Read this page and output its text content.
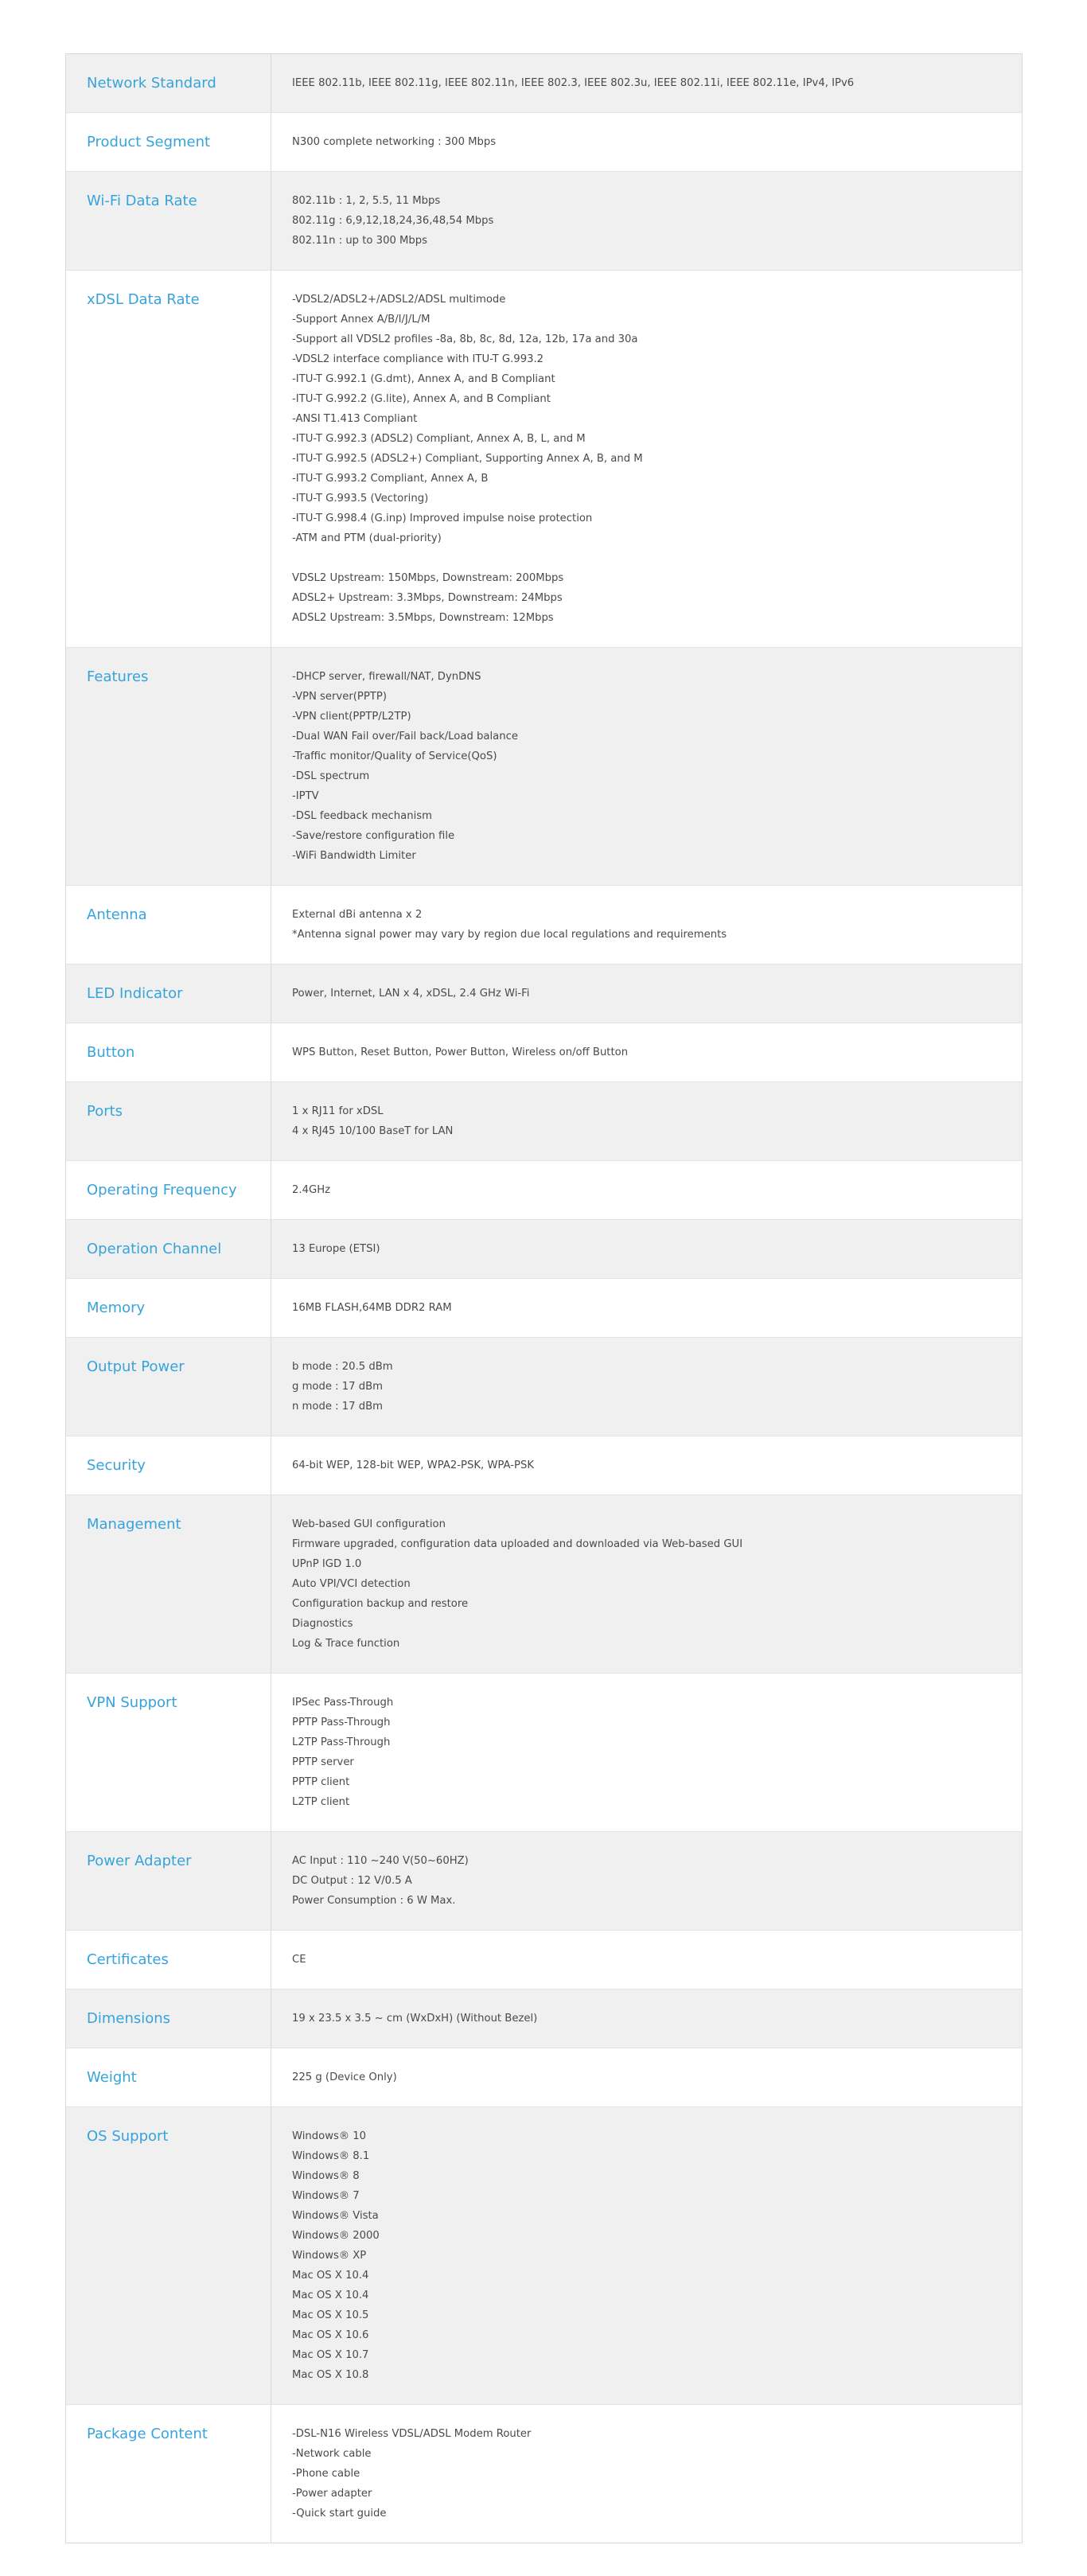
Network Standard	IEEE 802.11b, IEEE 802.11g, IEEE 802.11n, IEEE 802.3, IEEE 802.3u, IEEE 802.11i, IEEE 802.11e, IPv4, IPv6
Product Segment	N300 complete networking : 300 Mbps
Wi-Fi Data Rate	802.11b : 1, 2, 5.5, 11 Mbps
802.11g : 6,9,12,18,24,36,48,54 Mbps
802.11n : up to 300 Mbps
xDSL Data Rate	-VDSL2/ADSL2+/ADSL2/ADSL multimode
-Support Annex A/B/I/J/L/M
-Support all VDSL2 profiles -8a, 8b, 8c, 8d, 12a, 12b, 17a and 30a
-VDSL2 interface compliance with ITU-T G.993.2
-ITU-T G.992.1 (G.dmt), Annex A, and B Compliant
-ITU-T G.992.2 (G.lite), Annex A, and B Compliant
-ANSI T1.413 Compliant
-ITU-T G.992.3 (ADSL2) Compliant, Annex A, B, L, and M
-ITU-T G.992.5 (ADSL2+) Compliant, Supporting Annex A, B, and M
-ITU-T G.993.2 Compliant, Annex A, B
-ITU-T G.993.5 (Vectoring)
-ITU-T G.998.4 (G.inp) Improved impulse noise protection
-ATM and PTM (dual-priority)
VDSL2 Upstream: 150Mbps, Downstream: 200Mbps
ADSL2+ Upstream: 3.3Mbps, Downstream: 24Mbps
ADSL2 Upstream: 3.5Mbps, Downstream: 12Mbps
Features	-DHCP server, firewall/NAT, DynDNS
-VPN server(PPTP)
-VPN client(PPTP/L2TP)
-Dual WAN Fail over/Fail back/Load balance
-Traffic monitor/Quality of Service(QoS)
-DSL spectrum
-IPTV
-DSL feedback mechanism
-Save/restore configuration file
-WiFi Bandwidth Limiter
Antenna	External dBi antenna x 2
*Antenna signal power may vary by region due local regulations and requirements
LED Indicator	Power, Internet, LAN x 4, xDSL, 2.4 GHz Wi-Fi
Button	WPS Button, Reset Button, Power Button, Wireless on/off Button
Ports	1 x RJ11 for xDSL
4 x RJ45 10/100 BaseT for LAN
Operating Frequency	2.4GHz
Operation Channel	13 Europe (ETSI)
Memory	16MB FLASH,64MB DDR2 RAM
Output Power	b mode : 20.5 dBm
g mode : 17 dBm
n mode : 17 dBm
Security	64-bit WEP, 128-bit WEP, WPA2-PSK, WPA-PSK
Management	Web-based GUI configuration
Firmware upgraded, configuration data uploaded and downloaded via Web-based GUI
UPnP IGD 1.0
Auto VPI/VCI detection
Configuration backup and restore
Diagnostics
Log & Trace function
VPN Support	IPSec Pass-Through
PPTP Pass-Through
L2TP Pass-Through
PPTP server
PPTP client
L2TP client
Power Adapter	AC Input : 110 ~240 V(50~60HZ)
DC Output : 12 V/0.5 A
Power Consumption : 6 W Max.
Certificates	CE
Dimensions	19 x 23.5 x 3.5 ~ cm (WxDxH) (Without Bezel)
Weight	225 g (Device Only)
OS Support	Windows® 10
Windows® 8.1
Windows® 8
Windows® 7
Windows® Vista
Windows® 2000
Windows® XP
Mac OS X 10.4
Mac OS X 10.4
Mac OS X 10.5
Mac OS X 10.6
Mac OS X 10.7
Mac OS X 10.8
Package Content	-DSL-N16 Wireless VDSL/ADSL Modem Router
-Network cable
-Phone cable
-Power adapter
-Quick start guide
